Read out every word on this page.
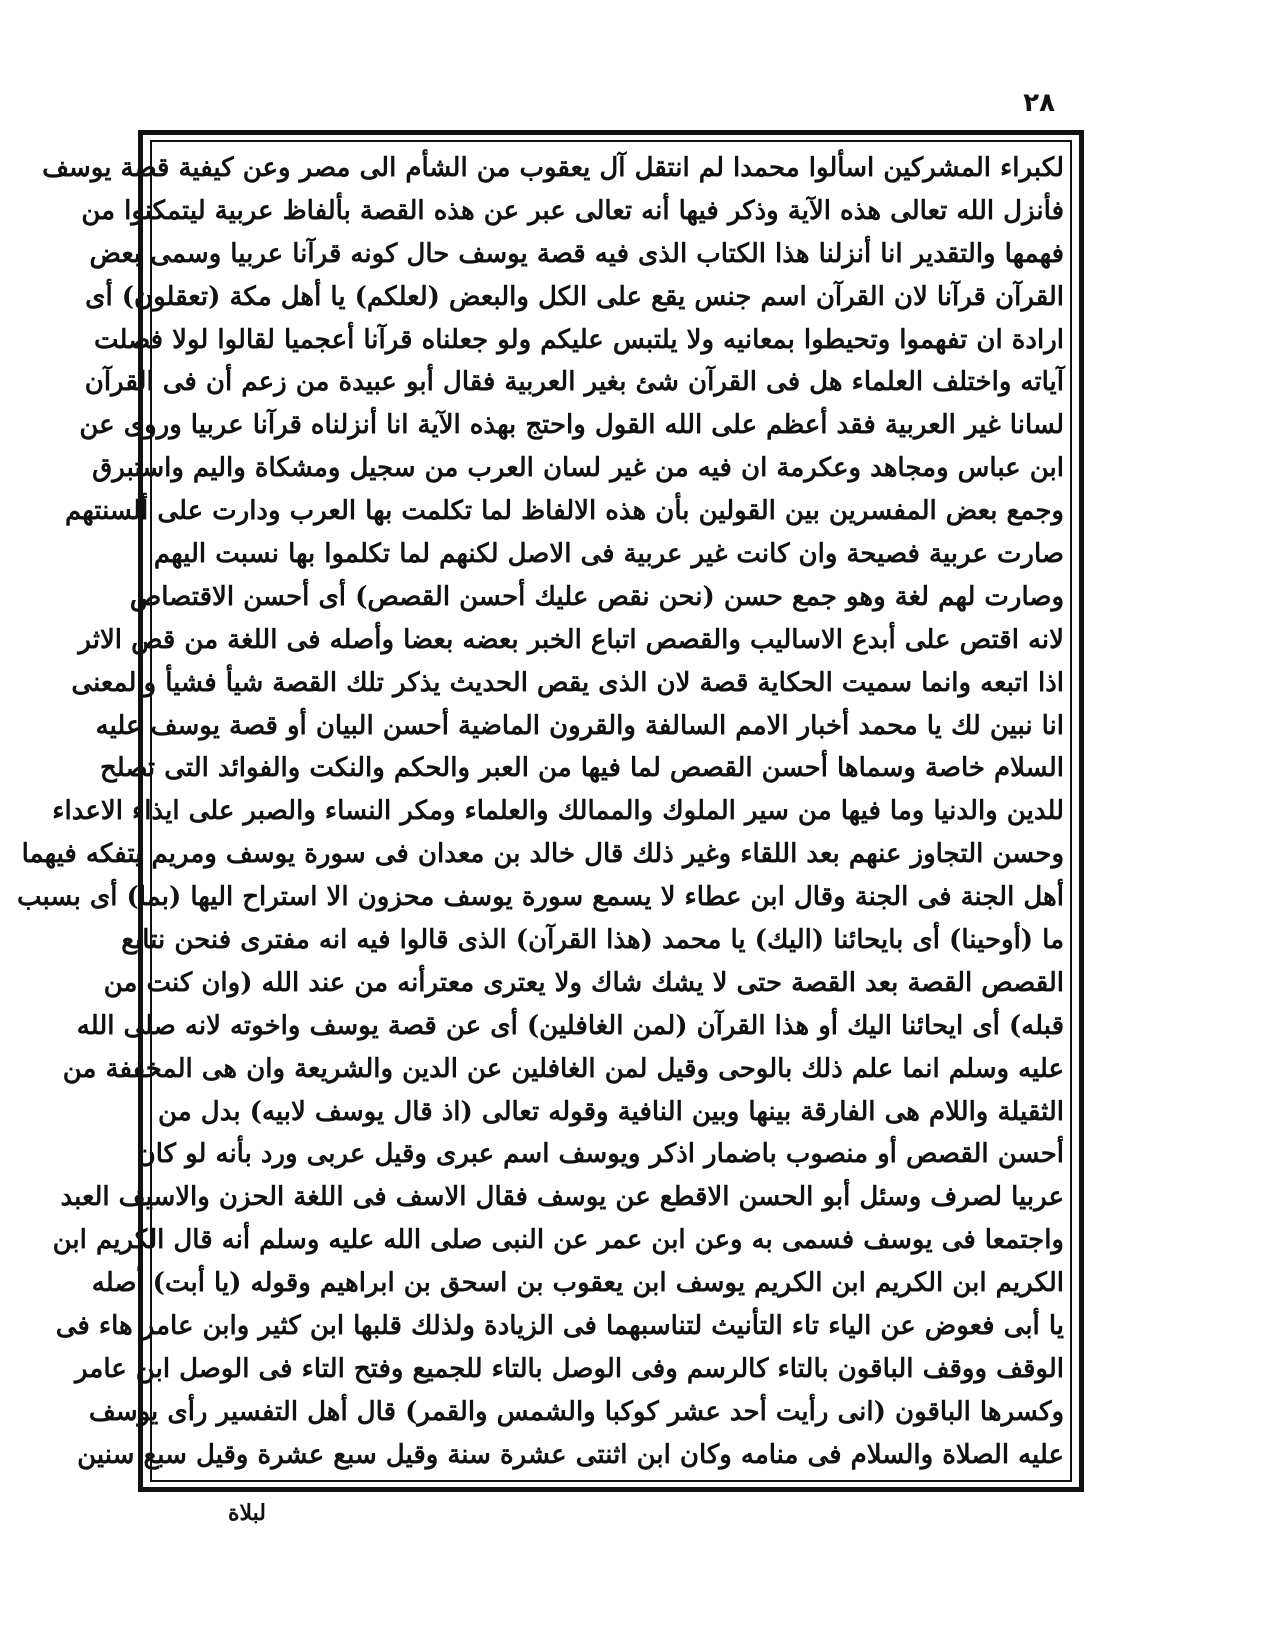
٢٨
لكبراء المشركين اسألوا محمدا لم انتقل آل يعقوب من الشأم الى مصر وعن كيفية قصة يوسف
فأنزل الله تعالى هذه الآية وذكر فيها أنه تعالى عبر عن هذه القصة بألفاظ عربية ليتمكنوا من
فهمها والتقدير انا أنزلنا هذا الكتاب الذى فيه قصة يوسف حال كونه قرآنا عربيا وسمى بعض
القرآن قرآنا لان القرآن اسم جنس يقع على الكل والبعض (لعلكم) يا أهل مكة (تعقلون) أى
ارادة ان تفهموا وتحيطوا بمعانيه ولا يلتبس عليكم ولو جعلناه قرآنا أعجميا لقالوا لولا فصلت
آياته واختلف العلماء هل فى القرآن شئ بغير العربية فقال أبو عبيدة من زعم أن فى القرآن
لسانا غير العربية فقد أعظم على الله القول واحتج بهذه الآية انا أنزلناه قرآنا عربيا وروى عن
ابن عباس ومجاهد وعكرمة ان فيه من غير لسان العرب من سجيل ومشكاة واليم واستبرق
وجمع بعض المفسرين بين القولين بأن هذه الالفاظ لما تكلمت بها العرب ودارت على ألسنتهم
صارت عربية فصيحة وان كانت غير عربية فى الاصل لكنهم لما تكلموا بها نسبت اليهم
وصارت لهم لغة وهو جمع حسن (نحن نقص عليك أحسن القصص) أى أحسن الاقتصاص
لانه اقتص على أبدع الاساليب والقصص اتباع الخبر بعضه بعضا وأصله فى اللغة من قص الاثر
اذا اتبعه وانما سميت الحكاية قصة لان الذى يقص الحديث يذكر تلك القصة شيأ فشيأ والمعنى
انا نبين لك يا محمد أخبار الامم السالفة والقرون الماضية أحسن البيان أو قصة يوسف عليه
السلام خاصة وسماها أحسن القصص لما فيها من العبر والحكم والنكت والفوائد التى تصلح
للدين والدنيا وما فيها من سير الملوك والممالك والعلماء ومكر النساء والصبر على ايذاء الاعداء
وحسن التجاوز عنهم بعد اللقاء وغير ذلك قال خالد بن معدان فى سورة يوسف ومريم يتفكه فيهما
أهل الجنة فى الجنة وقال ابن عطاء لا يسمع سورة يوسف محزون الا استراح اليها (بما) أى بسبب
ما (أوحينا) أى بايحائنا (اليك) يا محمد (هذا القرآن) الذى قالوا فيه انه مفترى فنحن نتابع
القصص القصة بعد القصة حتى لا يشك شاك ولا يعترى معترأنه من عند الله (وان كنت من
قبله) أى ايحائنا اليك أو هذا القرآن (لمن الغافلين) أى عن قصة يوسف واخوته لانه صلى الله
عليه وسلم انما علم ذلك بالوحى وقيل لمن الغافلين عن الدين والشريعة وان هى المخففة من
الثقيلة واللام هى الفارقة بينها وبين النافية وقوله تعالى (اذ قال يوسف لابيه) بدل من
أحسن القصص أو منصوب باضمار اذكر ويوسف اسم عبرى وقيل عربى ورد بأنه لو كان
عربيا لصرف وسئل أبو الحسن الاقطع عن يوسف فقال الاسف فى اللغة الحزن والاسيف العبد
واجتمعا فى يوسف فسمى به وعن ابن عمر عن النبى صلى الله عليه وسلم أنه قال الكريم ابن
الكريم ابن الكريم ابن الكريم يوسف ابن يعقوب بن اسحق بن ابراهيم وقوله (يا أبت) أصله
يا أبى فعوض عن الياء تاء التأنيث لتناسبهما فى الزيادة ولذلك قلبها ابن كثير وابن عامر هاء فى
الوقف ووقف الباقون بالتاء كالرسم وفى الوصل بالتاء للجميع وفتح التاء فى الوصل ابن عامر
وكسرها الباقون (انى رأيت أحد عشر كوكبا والشمس والقمر) قال أهل التفسير رأى يوسف
عليه الصلاة والسلام فى منامه وكان ابن اثنتى عشرة سنة وقيل سبع عشرة وقيل سبع سنين
لبلاة
